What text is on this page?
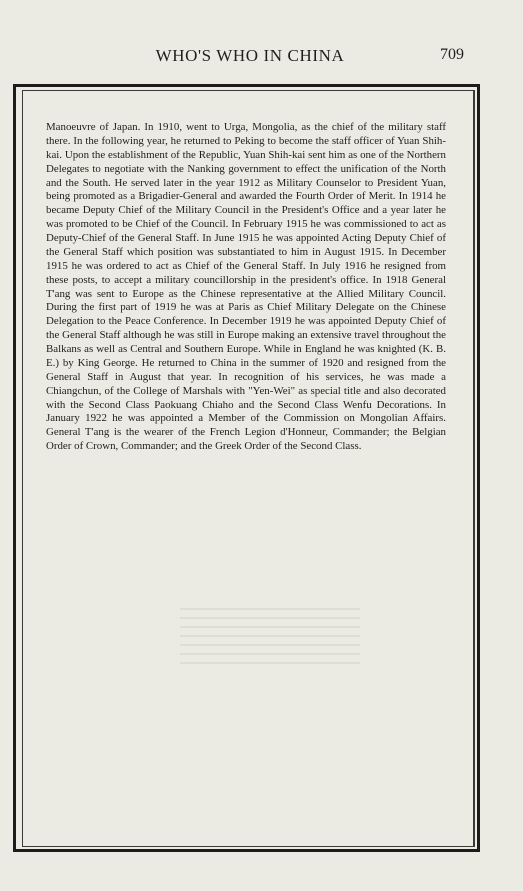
WHO'S WHO IN CHINA	709

Manoeuvre of Japan. In 1910, went to Urga, Mongolia, as the chief of the military staff there. In the following year, he returned to Peking to become the staff officer of Yuan Shih-kai. Upon the establishment of the Republic, Yuan Shih-kai sent him as one of the Northern Delegates to negotiate with the Nanking government to effect the unification of the North and the South. He served later in the year 1912 as Military Counselor to President Yuan, being promoted as a Brigadier-General and awarded the Fourth Order of Merit. In 1914 he became Deputy Chief of the Military Council in the President's Office and a year later he was promoted to be Chief of the Council. In February 1915 he was commissioned to act as Deputy-Chief of the General Staff. In June 1915 he was appointed Acting Deputy Chief of the General Staff which position was substantiated to him in August 1915. In December 1915 he was ordered to act as Chief of the General Staff. In July 1916 he resigned from these posts, to accept a military councillorship in the president's office. In 1918 General T'ang was sent to Europe as the Chinese representative at the Allied Military Council. During the first part of 1919 he was at Paris as Chief Military Delegate on the Chinese Delegation to the Peace Conference. In December 1919 he was appointed Deputy Chief of the General Staff although he was still in Europe making an extensive travel throughout the Balkans as well as Central and Southern Europe. While in England he was knighted (K. B. E.) by King George. He returned to China in the summer of 1920 and resigned from the General Staff in August that year. In recognition of his services, he was made a Chiangchun, of the College of Marshals with "Yen-Wei" as special title and also decorated with the Second Class Paokuang Chiaho and the Second Class Wenfu Decorations. In January 1922 he was appointed a Member of the Commission on Mongolian Affairs. General T'ang is the wearer of the French Legion d'Honneur, Commander; the Belgian Order of Crown, Commander; and the Greek Order of the Second Class.
